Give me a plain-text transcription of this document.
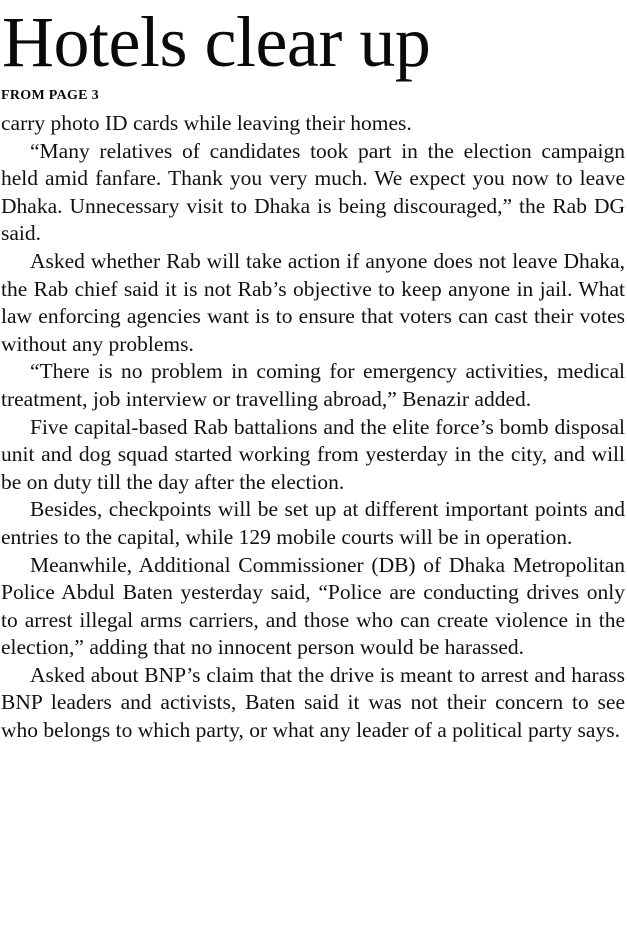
Hotels clear up
FROM PAGE 3

carry photo ID cards while leaving their homes.

“Many relatives of candidates took part in the election campaign held amid fanfare. Thank you very much. We expect you now to leave Dhaka. Unnecessary visit to Dhaka is being discouraged,” the Rab DG said.

Asked whether Rab will take action if anyone does not leave Dhaka, the Rab chief said it is not Rab’s objective to keep anyone in jail. What law enforcing agencies want is to ensure that voters can cast their votes without any problems.

“There is no problem in coming for emergency activities, medical treatment, job interview or travelling abroad,” Benazir added.

Five capital-based Rab battalions and the elite force’s bomb disposal unit and dog squad started working from yesterday in the city, and will be on duty till the day after the election.

Besides, checkpoints will be set up at different important points and entries to the capital, while 129 mobile courts will be in operation.

Meanwhile, Additional Commissioner (DB) of Dhaka Metropolitan Police Abdul Baten yesterday said, “Police are conducting drives only to arrest illegal arms carriers, and those who can create violence in the election,” adding that no innocent person would be harassed.

Asked about BNP’s claim that the drive is meant to arrest and harass BNP leaders and activists, Baten said it was not their concern to see who belongs to which party, or what any leader of a political party says.
